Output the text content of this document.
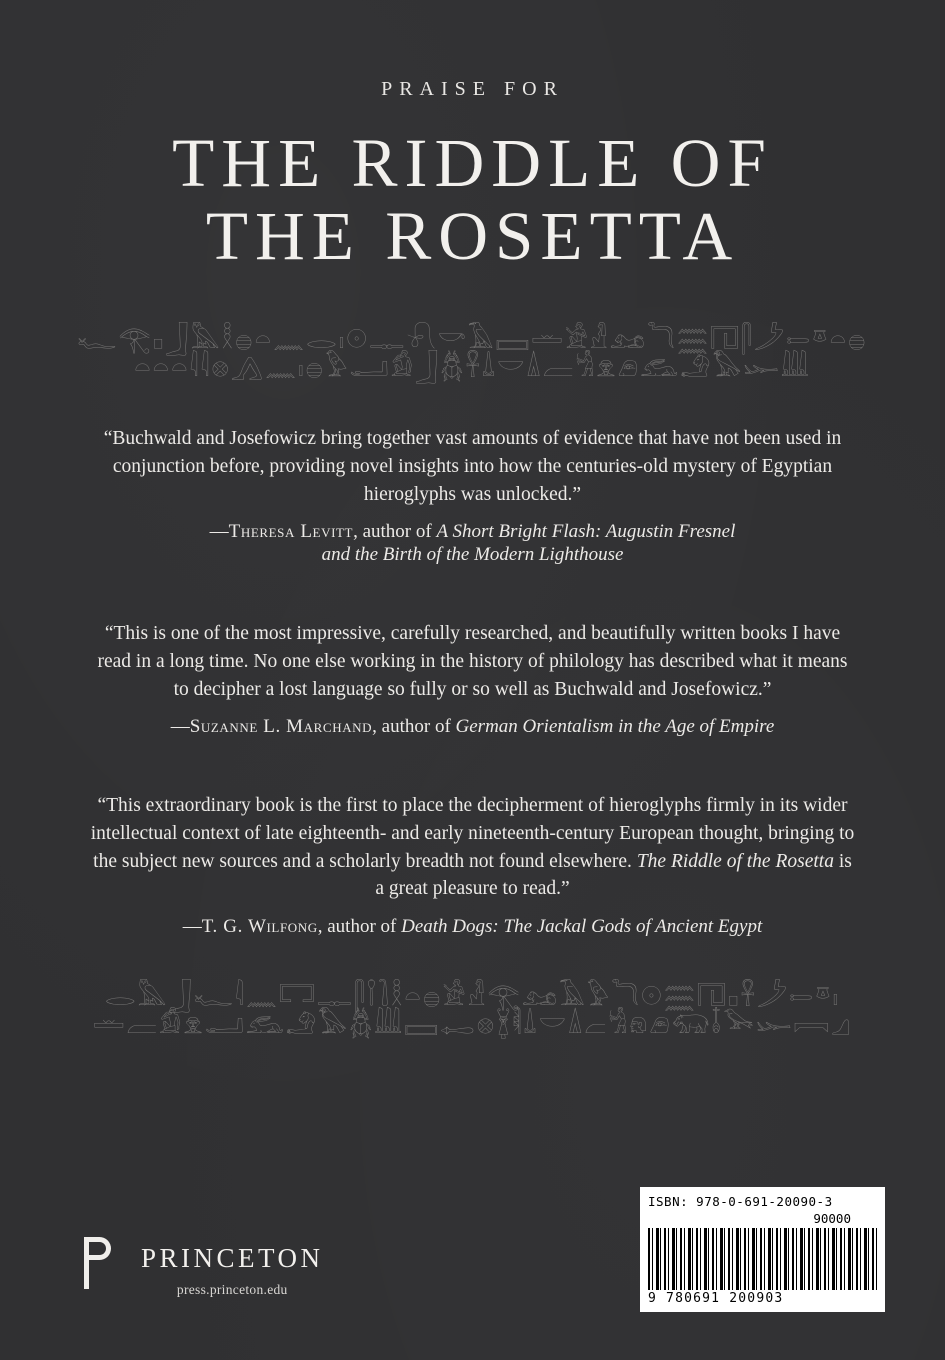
PRAISE FOR
THE RIDDLE OF
THE ROSETTA
𓆑𓂀𓊪𓃀𓅓𓎛𓐍𓏏𓈖𓂋𓏤𓇳𓊃𓍯𓎡𓄿𓈙𓏛𓀀𓁐𓃭𓆓𓈗𓉔𓋴𓌳𓍿𓎼𓏏𓐍
𓏏𓏏𓏏𓇋𓇋𓊖𓂻𓈖𓏤𓐍𓅱𓂝𓀁𓃀𓆣𓋹𓍑𓎟𓏙𓐝𓀜𓁷𓂉𓃹𓄂𓅃𓆱𓇏
“Buchwald and Josefowicz bring together vast amounts of evidence that have not been used in conjunction before, providing novel insights into how the centuries-old mystery of Egyptian hieroglyphs was unlocked.”
—Theresa Levitt, author of A Short Bright Flash: Augustin Fresnel
and the Birth of the Modern Lighthouse
“This is one of the most impressive, carefully researched, and beautifully written books I have read in a long time. No one else working in the history of philology has described what it means to decipher a lost language so fully or so well as Buchwald and Josefowicz.”
—Suzanne L. Marchand, author of German Orientalism in the Age of Empire
“This extraordinary book is the first to place the decipherment of hieroglyphs firmly in its wider intellectual context of late eighteenth- and early nineteenth-century European thought, bringing to the subject new sources and a scholarly breadth not found elsewhere. The Riddle of the Rosetta is a great pleasure to read.”
—T. G. Wilfong, author of Death Dogs: The Jackal Gods of Ancient Egypt
𓂋𓅓𓃀𓆑𓇋𓈖𓉐𓊃𓋴𓌉𓍘𓎛𓏏𓐍𓀀𓁐𓂀𓃭𓄿𓅱𓆓𓇳𓈗𓉔𓊪𓋹𓌳𓍿𓎼𓏤
𓏛𓐝𓀁𓁷𓂝𓃹𓄂𓅃𓆣𓇏𓈙𓉻𓊖𓋏𓌞𓍑𓎟𓏙𓐞𓀜𓁶𓂉𓃯𓄤𓅨𓆱𓇯𓈎
PRINCETON
press.princeton.edu
ISBN: 978-0-691-20090-3
90000
9 780691 200903
